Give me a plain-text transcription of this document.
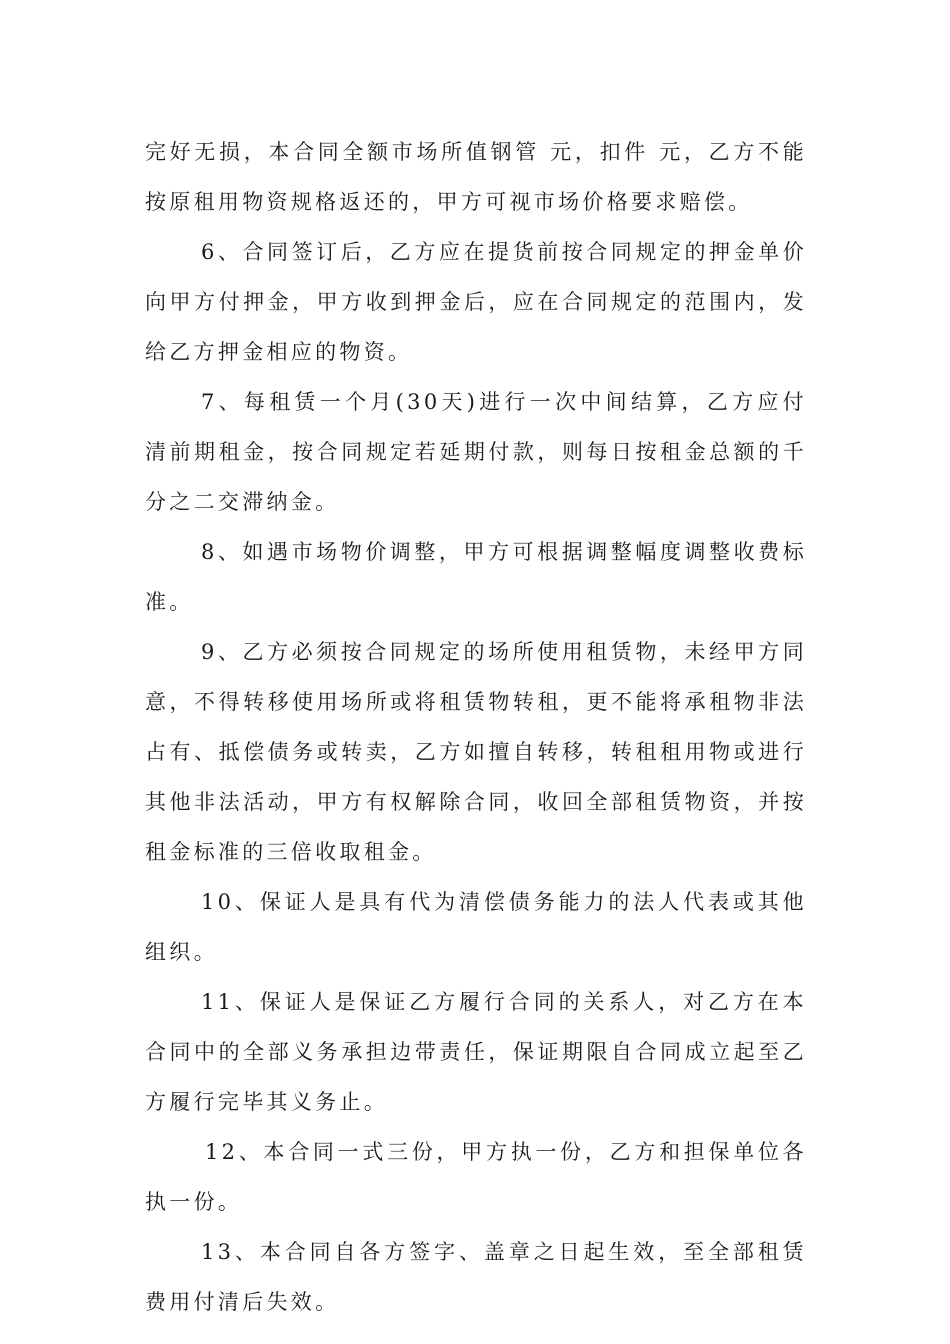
完好无损，本合同全额市场所值钢管 元，扣件 元，乙方不能按原租用物资规格返还的，甲方可视市场价格要求赔偿。

6、合同签订后，乙方应在提货前按合同规定的押金单价向甲方付押金，甲方收到押金后，应在合同规定的范围内，发给乙方押金相应的物资。

7、每租赁一个月(30天)进行一次中间结算，乙方应付清前期租金，按合同规定若延期付款，则每日按租金总额的千分之二交滞纳金。

8、如遇市场物价调整，甲方可根据调整幅度调整收费标准。

9、乙方必须按合同规定的场所使用租赁物，未经甲方同意，不得转移使用场所或将租赁物转租，更不能将承租物非法占有、抵偿债务或转卖，乙方如擅自转移，转租租用物或进行其他非法活动，甲方有权解除合同，收回全部租赁物资，并按租金标准的三倍收取租金。

10、保证人是具有代为清偿债务能力的法人代表或其他组织。

11、保证人是保证乙方履行合同的关系人，对乙方在本合同中的全部义务承担边带责任，保证期限自合同成立起至乙方履行完毕其义务止。

12、本合同一式三份，甲方执一份，乙方和担保单位各执一份。

13、本合同自各方签字、盖章之日起生效，至全部租赁费用付清后失效。
